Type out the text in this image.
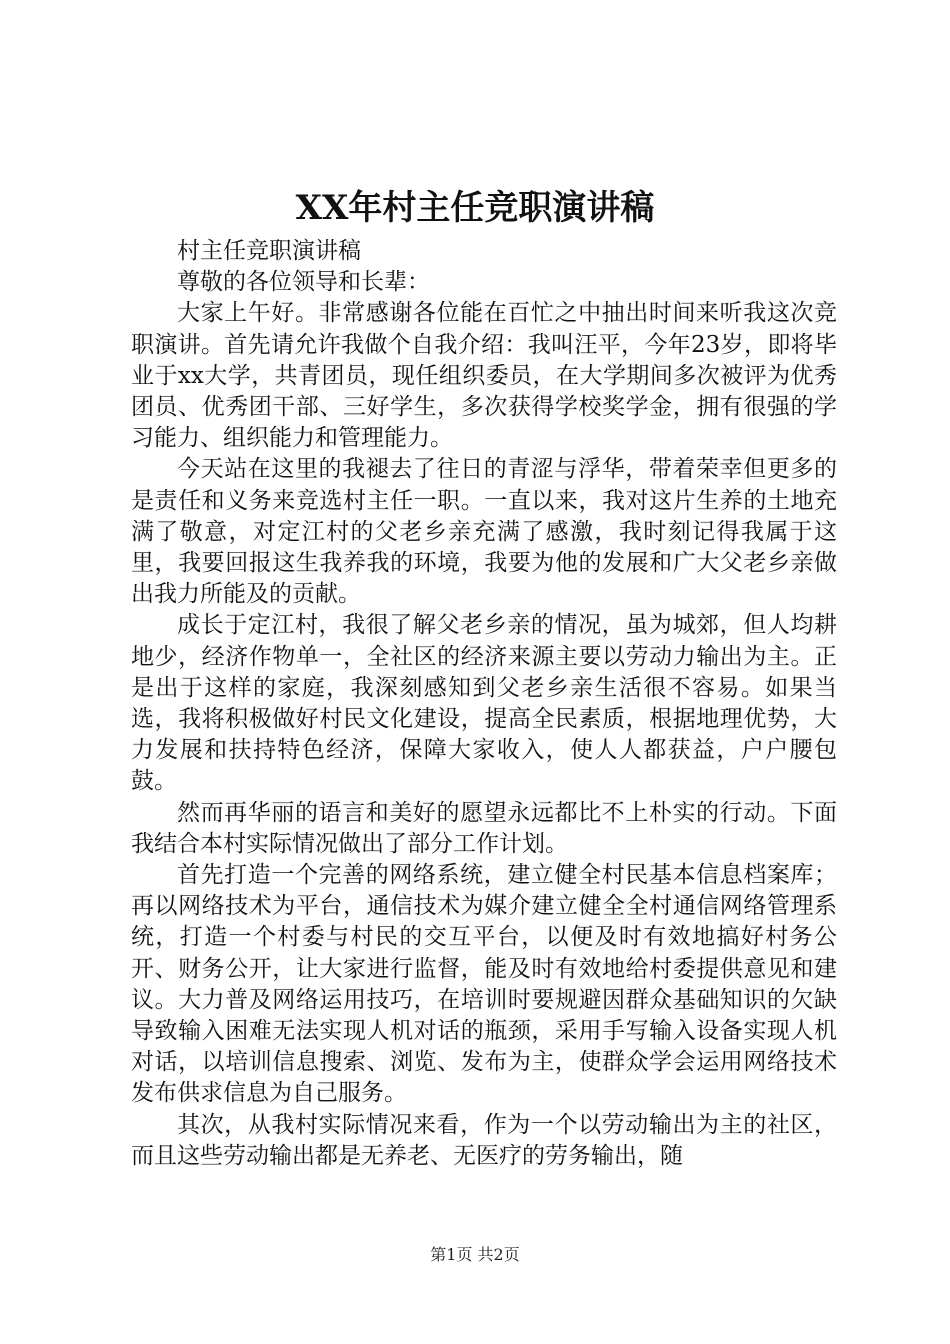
XX年村主任竞职演讲稿

村主任竞职演讲稿

尊敬的各位领导和长辈：

大家上午好。非常感谢各位能在百忙之中抽出时间来听我这次竞职演讲。首先请允许我做个自我介绍：我叫汪平，今年23岁，即将毕业于xx大学，共青团员，现任组织委员，在大学期间多次被评为优秀团员、优秀团干部、三好学生，多次获得学校奖学金，拥有很强的学习能力、组织能力和管理能力。

今天站在这里的我褪去了往日的青涩与浮华，带着荣幸但更多的是责任和义务来竞选村主任一职。一直以来，我对这片生养的土地充满了敬意，对定江村的父老乡亲充满了感激，我时刻记得我属于这里，我要回报这生我养我的环境，我要为他的发展和广大父老乡亲做出我力所能及的贡献。

成长于定江村，我很了解父老乡亲的情况，虽为城郊，但人均耕地少，经济作物单一，全社区的经济来源主要以劳动力输出为主。正是出于这样的家庭，我深刻感知到父老乡亲生活很不容易。如果当选，我将积极做好村民文化建设，提高全民素质，根据地理优势，大力发展和扶持特色经济，保障大家收入，使人人都获益，户户腰包鼓。

然而再华丽的语言和美好的愿望永远都比不上朴实的行动。下面我结合本村实际情况做出了部分工作计划。

首先打造一个完善的网络系统，建立健全村民基本信息档案库；再以网络技术为平台，通信技术为媒介建立健全全村通信网络管理系统，打造一个村委与村民的交互平台，以便及时有效地搞好村务公开、财务公开，让大家进行监督，能及时有效地给村委提供意见和建议。大力普及网络运用技巧，在培训时要规避因群众基础知识的欠缺导致输入困难无法实现人机对话的瓶颈，采用手写输入设备实现人机对话，以培训信息搜索、浏览、发布为主，使群众学会运用网络技术发布供求信息为自己服务。

其次，从我村实际情况来看，作为一个以劳动输出为主的社区，而且这些劳动输出都是无养老、无医疗的劳务输出，随

第1页 共2页
